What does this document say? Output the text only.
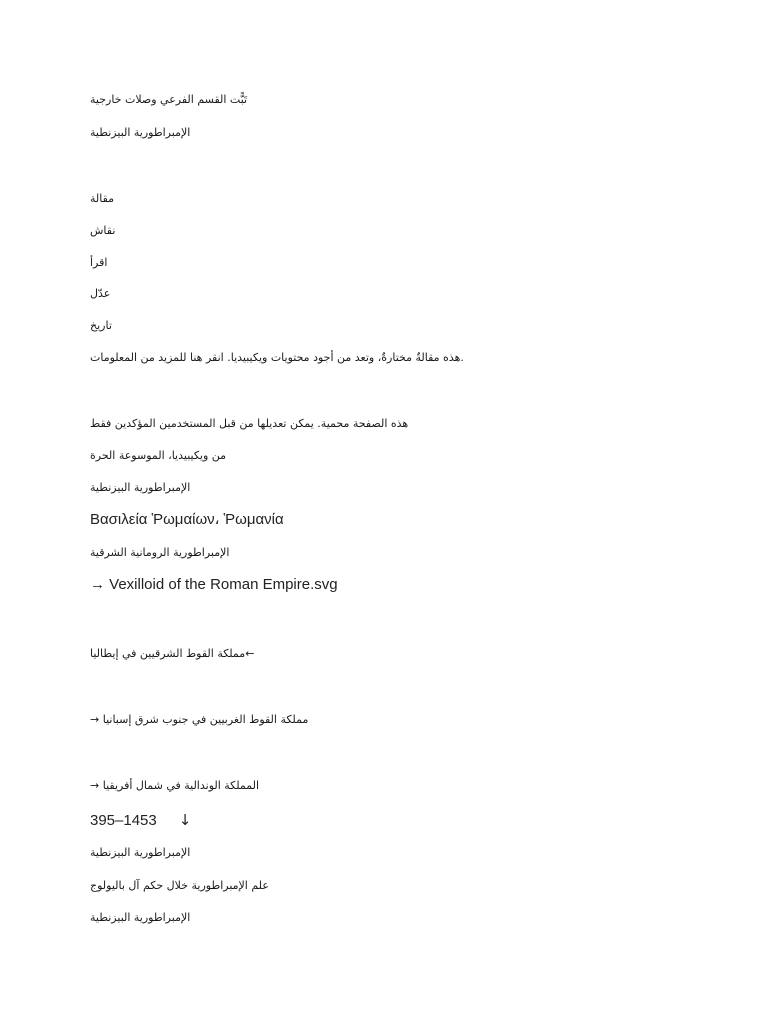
تَبًّت القسم الفرعي وصلات خارجية
الإمبراطورية البيزنطية
مقالة
نقاش
اقرأ
عدّل
تاريخ
هذه مقالةٌ مختارةٌ، وتعد من أجود محتويات ويكيبيديا. انقر هنا للمزيد من المعلومات.
هذه الصفحة محمية. يمكن تعديلها من قبل المستخدمين المؤكدين فقط
من ويكيبيديا، الموسوعة الحرة
الإمبراطورية البيزنطية
Βασιλεία Ῥωμαίων، Ῥωμανία
الإمبراطورية الرومانية الشرقية
→ Vexilloid of the Roman Empire.svg
مملكة القوط الشرقيين في إيطاليا←
→ مملكة القوط الغربيين في جنوب شرق إسبانيا
→ المملكة الوندالية في شمال أفريقيا
395–1453 ↓
الإمبراطورية البيزنطية
علم الإمبراطورية خلال حكم آل باليولوج
الإمبراطورية البيزنطية
